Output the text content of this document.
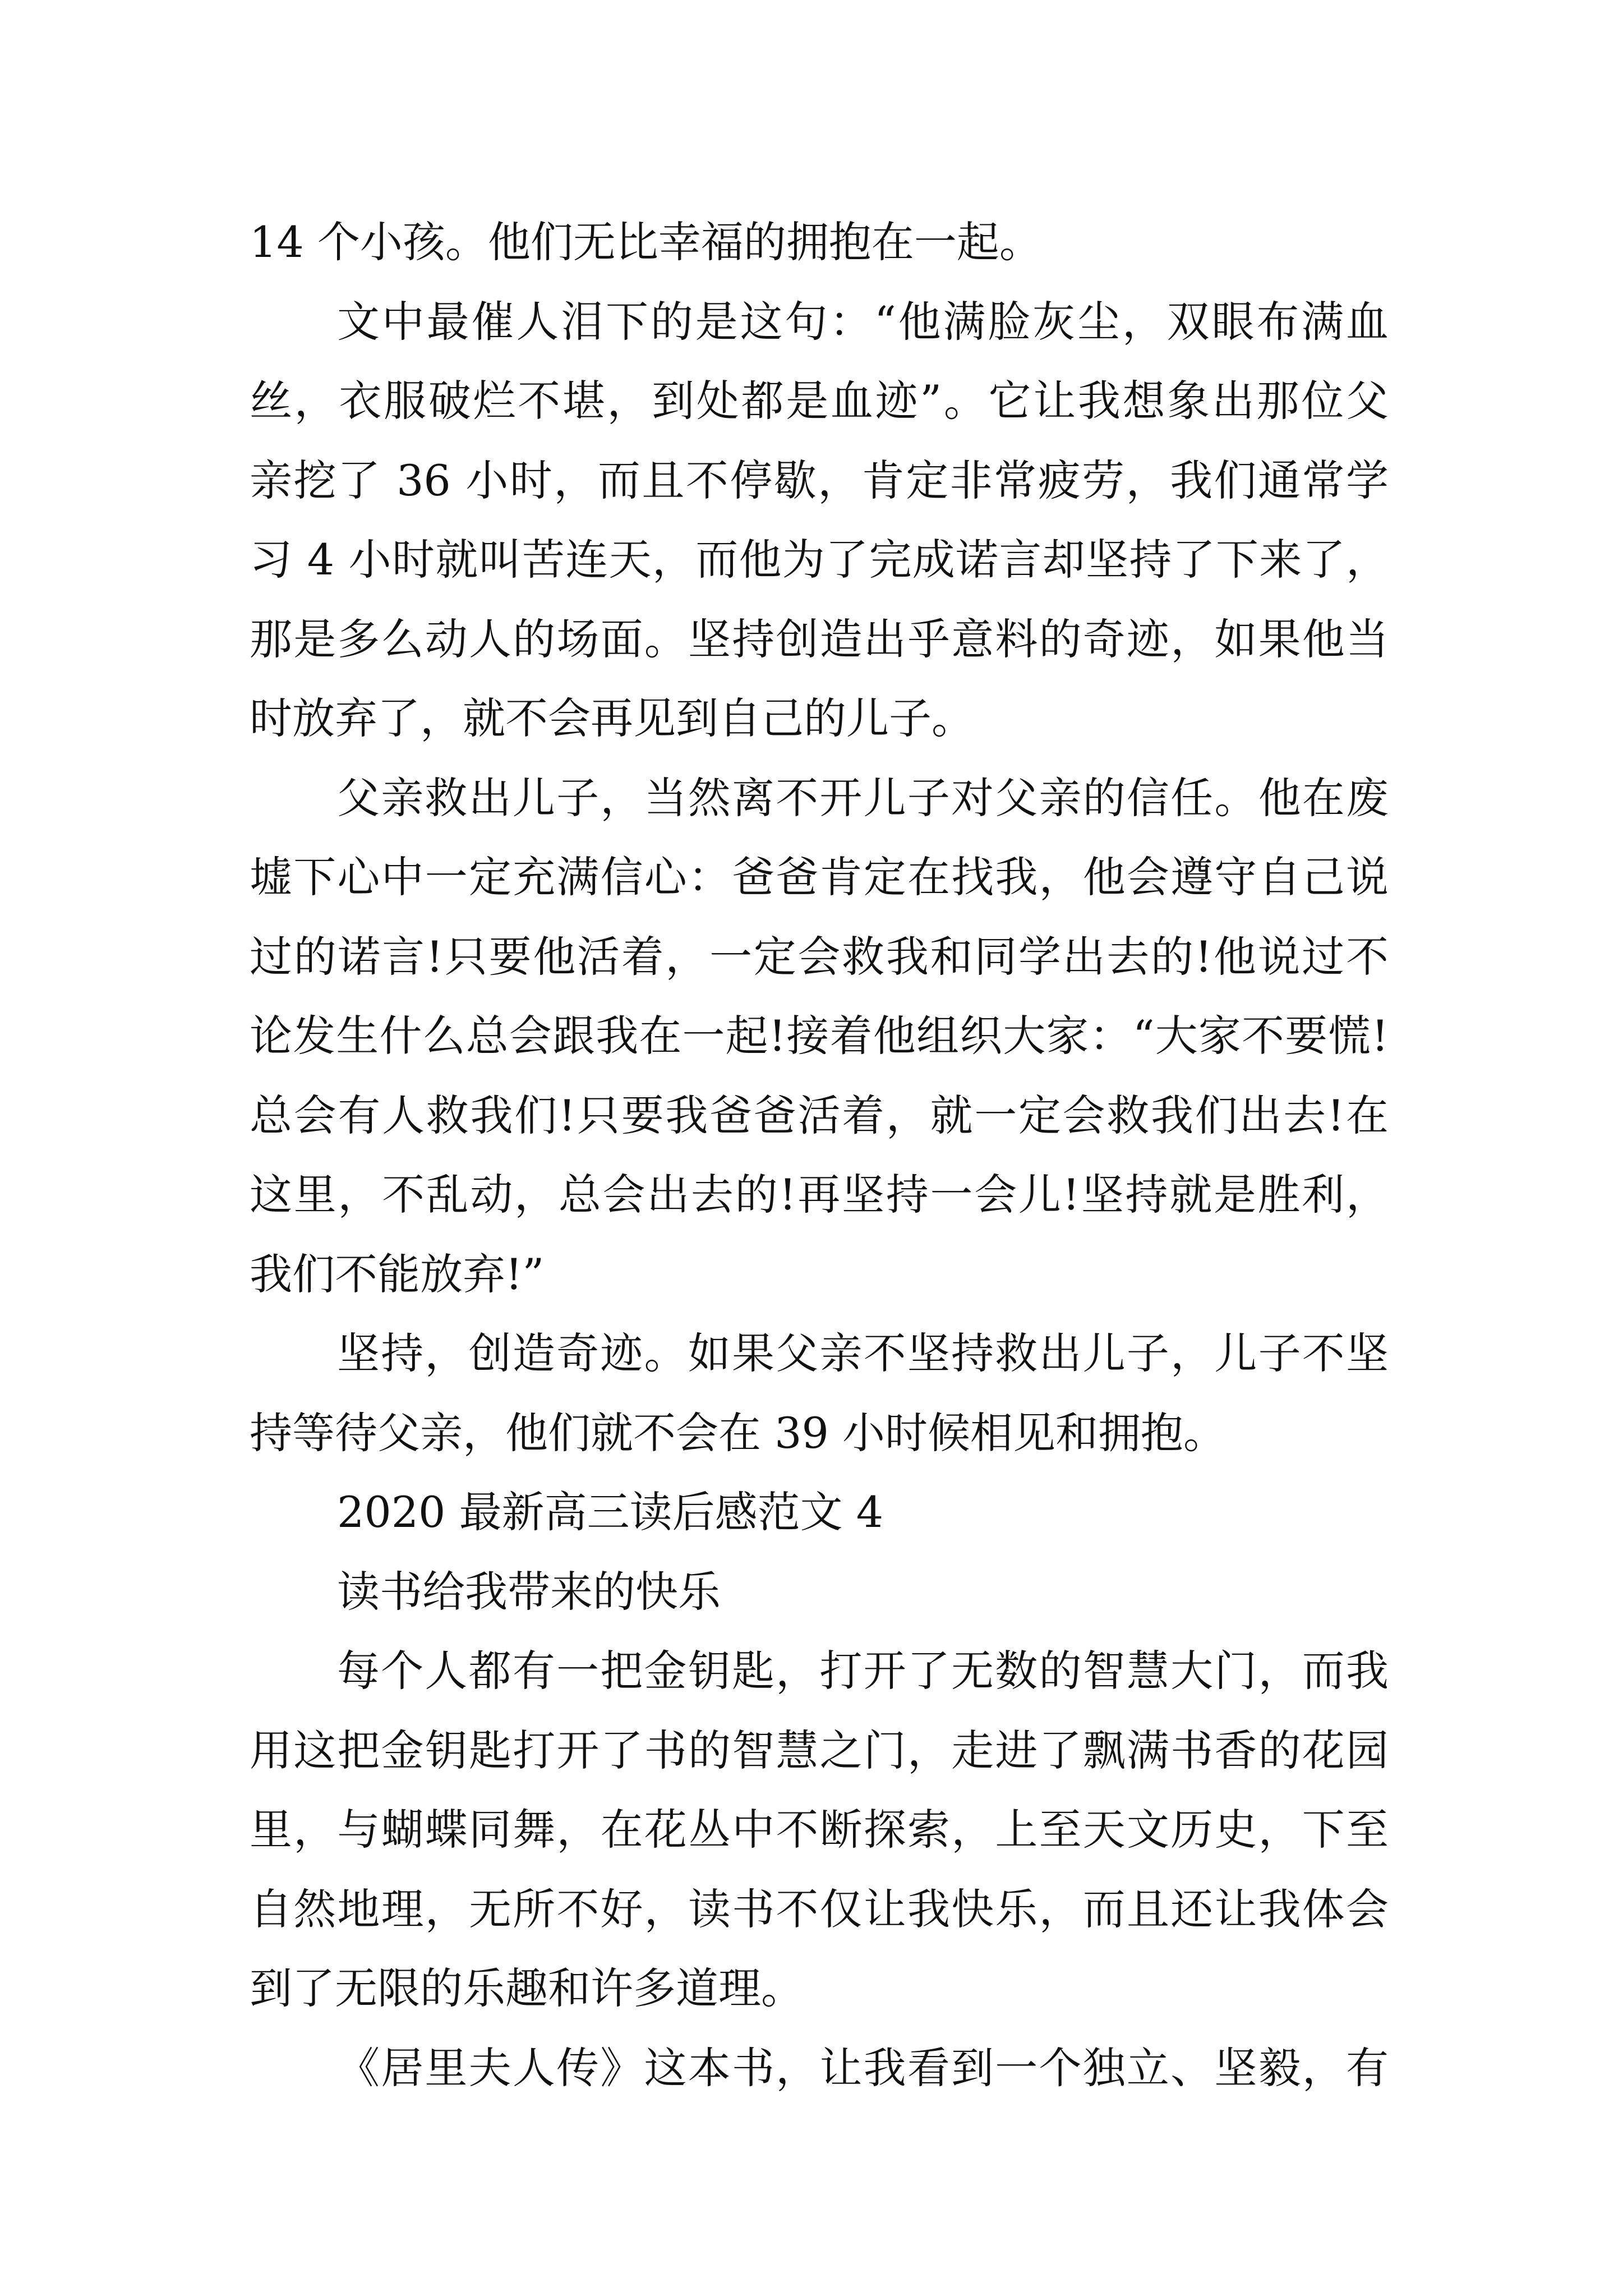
14 个小孩。他们无比幸福的拥抱在一起。
文中最催人泪下的是这句：“他满脸灰尘，双眼布满血
丝，衣服破烂不堪，到处都是血迹”。它让我想象出那位父
亲挖了 36 小时，而且不停歇，肯定非常疲劳，我们通常学
习 4 小时就叫苦连天，而他为了完成诺言却坚持了下来了，
那是多么动人的场面。坚持创造出乎意料的奇迹，如果他当
时放弃了，就不会再见到自己的儿子。
父亲救出儿子，当然离不开儿子对父亲的信任。他在废
墟下心中一定充满信心：爸爸肯定在找我，他会遵守自己说
过的诺言!只要他活着，一定会救我和同学出去的!他说过不
论发生什么总会跟我在一起!接着他组织大家：“大家不要慌!
总会有人救我们!只要我爸爸活着，就一定会救我们出去!在
这里，不乱动，总会出去的!再坚持一会儿!坚持就是胜利，
我们不能放弃!”
坚持，创造奇迹。如果父亲不坚持救出儿子，儿子不坚
持等待父亲，他们就不会在 39 小时候相见和拥抱。
2020 最新高三读后感范文 4
读书给我带来的快乐
每个人都有一把金钥匙，打开了无数的智慧大门，而我
用这把金钥匙打开了书的智慧之门，走进了飘满书香的花园
里，与蝴蝶同舞，在花丛中不断探索，上至天文历史，下至
自然地理，无所不好，读书不仅让我快乐，而且还让我体会
到了无限的乐趣和许多道理。
《居里夫人传》这本书，让我看到一个独立、坚毅，有
